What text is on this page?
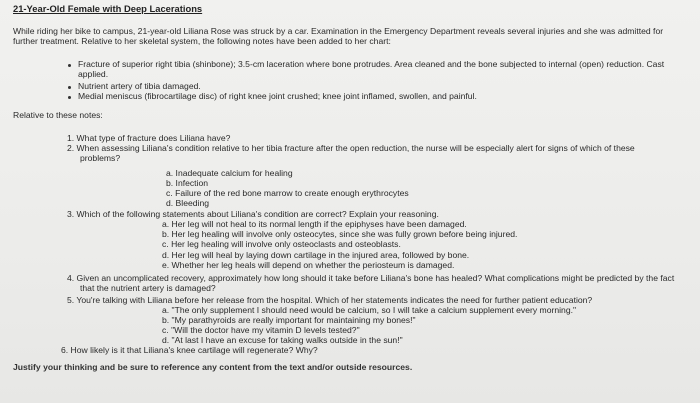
21-Year-Old Female with Deep Lacerations
While riding her bike to campus, 21-year-old Liliana Rose was struck by a car. Examination in the Emergency Department reveals several injuries and she was admitted for
further treatment. Relative to her skeletal system, the following notes have been added to her chart:
Fracture of superior right tibia (shinbone); 3.5-cm laceration where bone protrudes. Area cleaned and the bone subjected to internal (open) reduction. Cast
applied.
Nutrient artery of tibia damaged.
Medial meniscus (fibrocartilage disc) of right knee joint crushed; knee joint inflamed, swollen, and painful.
Relative to these notes:
1. What type of fracture does Liliana have?
2. When assessing Liliana's condition relative to her tibia fracture after the open reduction, the nurse will be especially alert for signs of which of these
problems?
a. Inadequate calcium for healing
b. Infection
c. Failure of the red bone marrow to create enough erythrocytes
d. Bleeding
3. Which of the following statements about Liliana's condition are correct? Explain your reasoning.
a. Her leg will not heal to its normal length if the epiphyses have been damaged.
b. Her leg healing will involve only osteocytes, since she was fully grown before being injured.
c. Her leg healing will involve only osteoclasts and osteoblasts.
d. Her leg will heal by laying down cartilage in the injured area, followed by bone.
e. Whether her leg heals will depend on whether the periosteum is damaged.
4. Given an uncomplicated recovery, approximately how long should it take before Liliana's bone has healed? What complications might be predicted by the fact
that the nutrient artery is damaged?
5. You're talking with Liliana before her release from the hospital. Which of her statements indicates the need for further patient education?
a. "The only supplement I should need would be calcium, so I will take a calcium supplement every morning."
b. "My parathyroids are really important for maintaining my bones!"
c. "Will the doctor have my vitamin D levels tested?"
d. "At last I have an excuse for taking walks outside in the sun!"
6. How likely is it that Liliana's knee cartilage will regenerate? Why?
Justify your thinking and be sure to reference any content from the text and/or outside resources.
